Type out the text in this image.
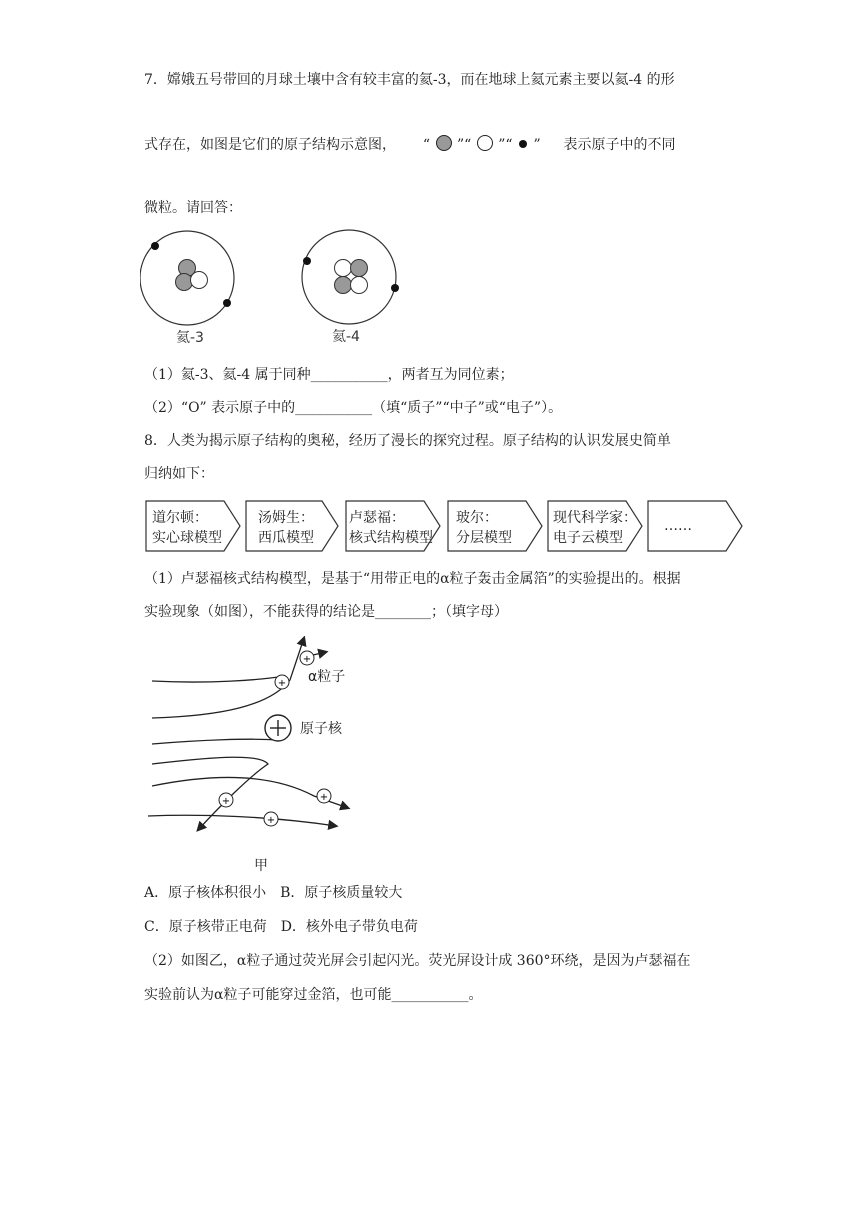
7．嫦娥五号带回的月球土壤中含有较丰富的氦-3，而在地球上氦元素主要以氦-4 的形
式存在，如图是它们的原子结构示意图， “ ”“ ”“ ” 表示原子中的不同
微粒。请回答：
氦-3	氦-4
（1）氦-3、氦-4 属于同种___________，两者互为同位素；
（2）“O” 表示原子中的___________（填“质子”“中子”或“电子”）。
8．人类为揭示原子结构的奥秘，经历了漫长的探究过程。原子结构的认识发展史简单
归纳如下：
道尔顿：
实心球模型
汤姆生：
西瓜模型
卢瑟福：
核式结构模型
玻尔：
分层模型
现代科学家：
电子云模型
……
（1）卢瑟福核式结构模型，是基于“用带正电的α粒子轰击金属箔”的实验提出的。根据
实验现象（如图），不能获得的结论是________；（填字母）
+
+
+	+
+
α粒子
原子核
甲
A．原子核体积很小　B．原子核质量较大
C．原子核带正电荷　D．核外电子带负电荷
（2）如图乙，α粒子通过荧光屏会引起闪光。荧光屏设计成 360°环绕，是因为卢瑟福在
实验前认为α粒子可能穿过金箔，也可能___________。
